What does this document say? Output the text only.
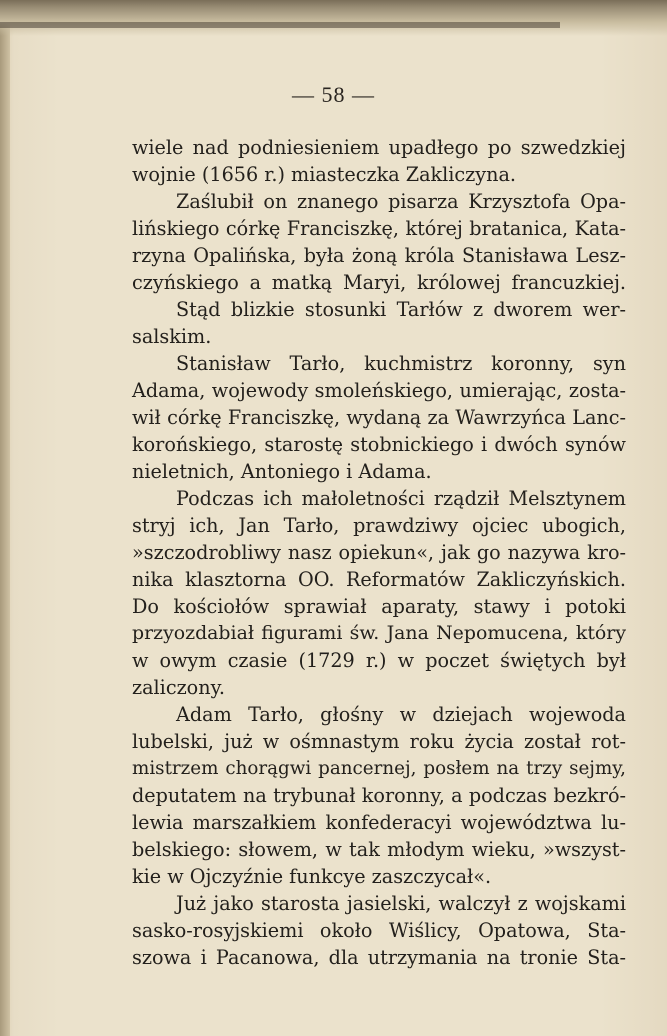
— 58 —
wiele nad podniesieniem upadłego po szwedzkiej
wojnie (1656 r.) miasteczka Zakliczyna.
Zaślubił on znanego pisarza Krzysztofa Opa-
lińskiego córkę Franciszkę, której bratanica, Kata-
rzyna Opalińska, była żoną króla Stanisława Lesz-
czyńskiego a matką Maryi, królowej francuzkiej.
Stąd blizkie stosunki Tarłów z dworem wer-
salskim.
Stanisław Tarło, kuchmistrz koronny, syn
Adama, wojewody smoleńskiego, umierając, zosta-
wił córkę Franciszkę, wydaną za Wawrzyńca Lanc-
korońskiego, starostę stobnickiego i dwóch synów
nieletnich, Antoniego i Adama.
Podczas ich małoletności rządził Melsztynem
stryj ich, Jan Tarło, prawdziwy ojciec ubogich,
»szczodrobliwy nasz opiekun«, jak go nazywa kro-
nika klasztorna OO. Reformatów Zakliczyńskich.
Do kościołów sprawiał aparaty, stawy i potoki
przyozdabiał figurami św. Jana Nepomucena, który
w owym czasie (1729 r.) w poczet świętych był
zaliczony.
Adam Tarło, głośny w dziejach wojewoda
lubelski, już w ośmnastym roku życia został rot-
mistrzem chorągwi pancernej, posłem na trzy sejmy,
deputatem na trybunał koronny, a podczas bezkró-
lewia marszałkiem konfederacyi województwa lu-
belskiego: słowem, w tak młodym wieku, »wszyst-
kie w Ojczyźnie funkcye zaszczycał«.
Już jako starosta jasielski, walczył z wojskami
sasko-rosyjskiemi około Wiślicy, Opatowa, Sta-
szowa i Pacanowa, dla utrzymania na tronie Sta-
